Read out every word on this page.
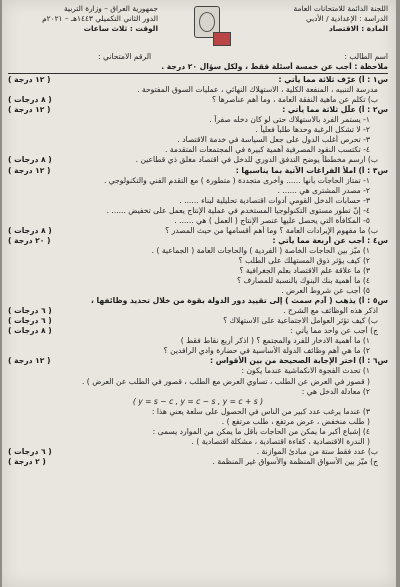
اللجنة الدائمة للامتحانات العامة
الدراسة : الإعدادية / الأدبي
المادة : الاقتصاد
جمهورية العراق – وزارة التربية
الدور الثاني التكميلي ١٤٤٣هـ – ٢٠٢١م
الوقت : ثلاث ساعات
اسم الطالب :
الرقم الامتحاني :
ملاحظة : أجب عن خمسة أسئلة فقط ، ولكل سؤال ٢٠ درجة .
( ١٢ درجة )	س١ : أ) عرّف ثلاثة مما يأتي :
مدرسة التنبيه ، المنفعة الكلية ، الاستهلاك النهائي ، عمليات السوق المفتوحة .
( ٨ درجات )	ب) تكلم عن ماهية النفقة العامة ، وما أهم عناصرها ؟
( ١٢ درجة )	س٢ : أ) علّل ثلاثة مما يأتي :
١- يستمر الفرد بالاستهلاك حتى لو كان دخله صفراً .
٢- لا تشكل الرغبة وحدها طلباً فعلياً .
٣- تحرص أغلب الدول على جعل السياسة في خدمة الاقتصاد .
٤- تكتسب النقود المصرفية أهمية كبيرة في المجتمعات المتقدمة .
( ٨ درجات )	ب) ارسم مخططاً يوضح التدفق الدوري للدخل في اقتصاد مغلق ذي قطاعين .
( ١٢ درجة )	س٣ : أ) املأ الفراغات الآتية بما يناسبها :
١- تمتاز الحاجات بأنها ...... وأخرى متجددة ( متطورة ) مع التقدم الفني والتكنولوجي .
٢- مصدر المشترى هي ...... .
٣- حسابات الدخل القومي أدوات اقتصادية تحليلية لبناء ...... .
٤- إنّ تطور مستوى التكنولوجيا المستخدم في عملية الإنتاج يعمل على تخفيض ...... .
٥- المكافأة التي يحصل عليها عنصر الإنتاج ( العمل ) هي ...... .
( ٨ درجات )	ب) ما مفهوم الإيرادات العامة ؟ وما أهم أقسامها من حيث المصدر ؟
( ٢٠ درجة )	س٤ : أجب عن أربعة مما يأتي :
١) ميّز بين الحاجات الخاصة ( الفردية ) والحاجات العامة ( الجماعية ) .
٢) كيف يؤثر ذوق المستهلك على الطلب ؟
٣) ما علاقة علم الاقتصاد بعلم الجغرافية ؟
٤) ما أهمية بنك البنوك بالنسبة للمصارف ؟
٥) أجب عن شروط العرض .
س٥ : أ) يذهب ( آدم سمث ) إلى تقييد دور الدولة بقوة من خلال تحديد وظائفها ،
( ٦ درجات )	اذكر هذه الوظائف مع الشرح .
( ٦ درجات )	ب) كيف تؤثر العوامل الاجتماعية على الاستهلاك ؟
( ٨ درجات )	ج) أجب عن واحد مما يأتي :
١) ما أهمية الادخار للفرد والمجتمع ؟ ( اذكر أربع نقاط فقط )
٢) ما هي أهم وظائف الدولة الأساسية في حضارة وادي الرافدين ؟
( ١٢ درجة )	س٦ : أ) اختر الإجابة الصحيحة من بين الأقواس :
١) تحدث الفجوة الانكماشية عندما يكون :
( قصور في العرض عن الطلب ، تساوي العرض مع الطلب ، قصور في الطلب عن العرض ) .
٢) معادلة الدخل هي :
( y = s − c , y = c − s , y = c + s )
٣) عندما يرغب عدد كبير من الناس في الحصول على سلعة يعني هذا :
( طلب منخفض ، عرض مرتفع ، طلب مرتفع ) .
٤) إشباع أكبر ما يمكن من الحاجات بأقل ما يمكن من الموارد يسمى :
( الندرة الاقتصادية ، كفاءة اقتصادية ، مشكلة اقتصادية ) .
( ٦ درجات )	ب) عدد فقط ستة من مبادئ الموازنة .
( ٢ درجة )	ج) ميّز بين الأسواق المنظمة والأسواق غير المنظمة .
